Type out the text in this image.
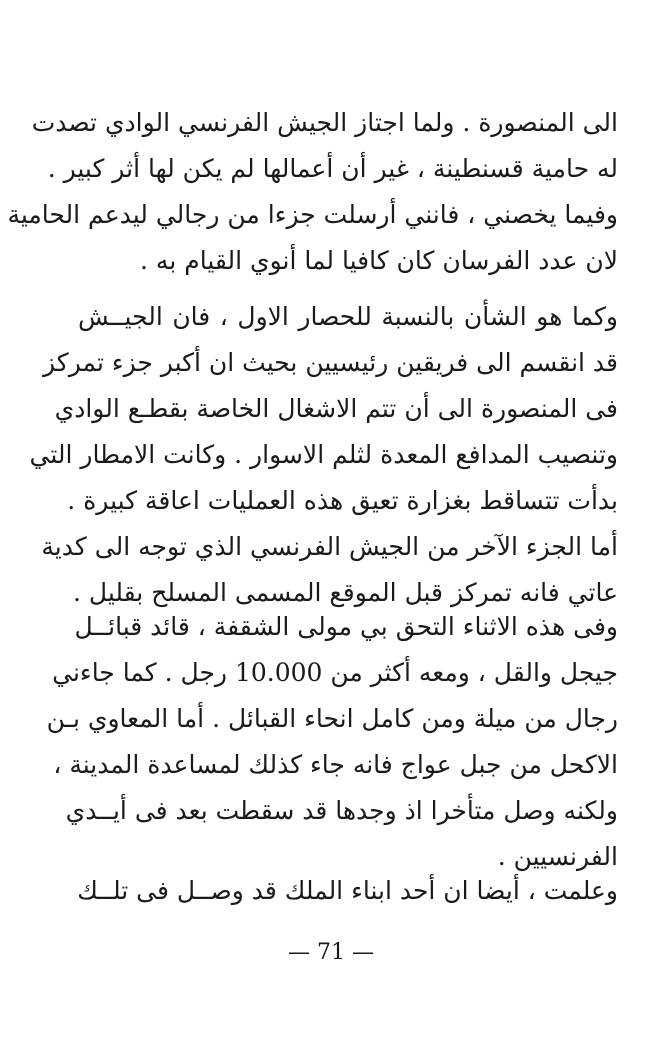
الى المنصورة . ولما اجتاز الجيش الفرنسي الوادي تصدت
له حامية قسنطينة ، غير أن أعمالها لم يكن لها أثر كبير .
وفيما يخصني ، فانني أرسلت جزءا من رجالي ليدعم الحامية
لان عدد الفرسان كان كافيا لما أنوي القيام به .
وكما هو الشأن بالنسبة للحصار الاول ، فان الجيــش
قد انقسم الى فريقين رئيسيين بحيث ان أكبر جزء تمركز
فى المنصورة الى أن تتم الاشغال الخاصة بقطـع الوادي
وتنصيب المدافع المعدة لثلم الاسوار . وكانت الامطار التي
بدأت تتساقط بغزارة تعيق هذه العمليات اعاقة كبيرة .
أما الجزء الآخر من الجيش الفرنسي الذي توجه الى كدية
عاتي فانه تمركز قبل الموقع المسمى المسلح بقليل .
وفى هذه الاثناء التحق بي مولى الشقفة ، قائد قبائــل
جيجل والقل ، ومعه أكثر من 10.000 رجل . كما جاءني
رجال من ميلة ومن كامل انحاء القبائل . أما المعاوي بـن
الاكحل من جبل عواج فانه جاء كذلك لمساعدة المدينة ،
ولكنه وصل متأخرا اذ وجدها قد سقطت بعد فى أيــدي
الفرنسيين .
وعلمت ، أيضا ان أحد ابناء الملك قد وصــل فى تلــك
— 71 —
